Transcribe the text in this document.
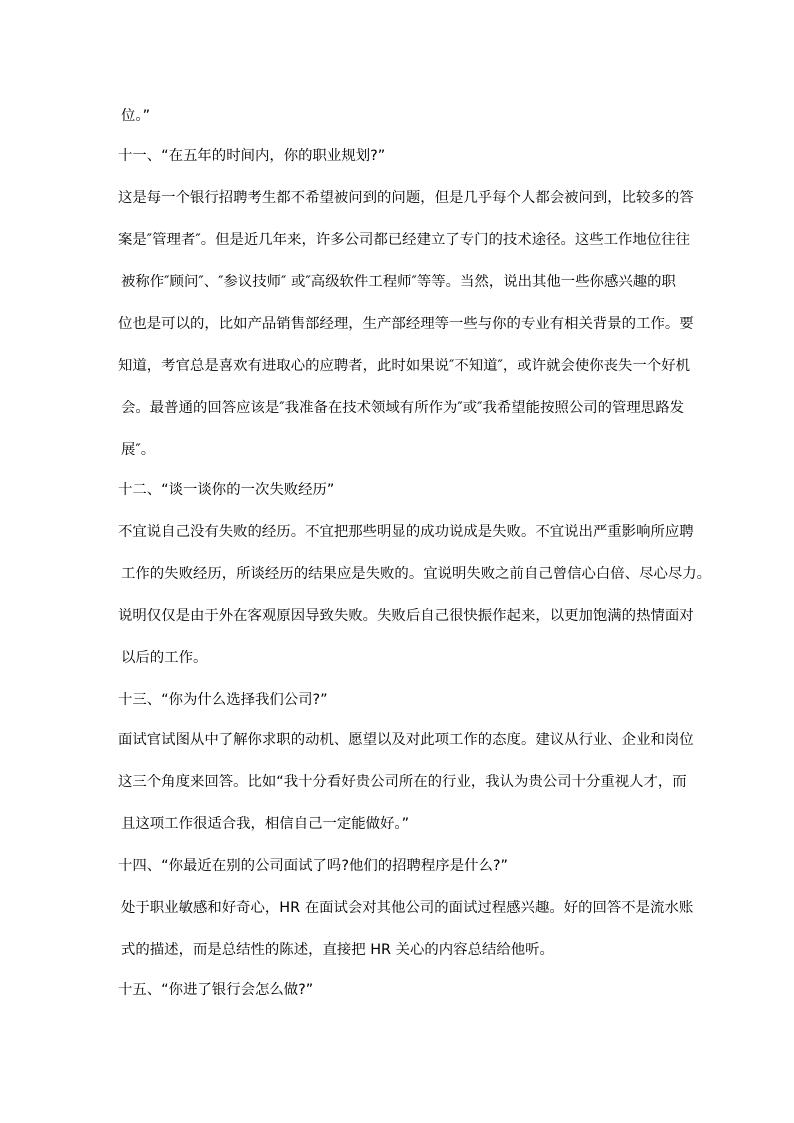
位。”
十一、“在五年的时间内，你的职业规划?”
这是每一个银行招聘考生都不希望被问到的问题，但是几乎每个人都会被问到，比较多的答
案是″管理者″。但是近几年来，许多公司都已经建立了专门的技术途径。这些工作地位往往
被称作″顾问″、″参议技师″ 或″高级软件工程师″等等。当然，说出其他一些你感兴趣的职
位也是可以的，比如产品销售部经理，生产部经理等一些与你的专业有相关背景的工作。要
知道，考官总是喜欢有进取心的应聘者，此时如果说″不知道″，或许就会使你丧失一个好机
会。最普通的回答应该是″我准备在技术领域有所作为″或″我希望能按照公司的管理思路发
展″。
十二、“谈一谈你的一次失败经历”
不宜说自己没有失败的经历。不宜把那些明显的成功说成是失败。不宜说出严重影响所应聘
工作的失败经历，所谈经历的结果应是失败的。宜说明失败之前自己曾信心白倍、尽心尽力。
说明仅仅是由于外在客观原因导致失败。失败后自己很快振作起来，以更加饱满的热情面对
以后的工作。
十三、“你为什么选择我们公司?”
面试官试图从中了解你求职的动机、愿望以及对此项工作的态度。建议从行业、企业和岗位
这三个角度来回答。比如“我十分看好贵公司所在的行业，我认为贵公司十分重视人才，而
且这项工作很适合我，相信自己一定能做好。”
十四、“你最近在别的公司面试了吗?他们的招聘程序是什么?”
处于职业敏感和好奇心，HR 在面试会对其他公司的面试过程感兴趣。好的回答不是流水账
式的描述，而是总结性的陈述，直接把 HR 关心的内容总结给他听。
十五、“你进了银行会怎么做?”
